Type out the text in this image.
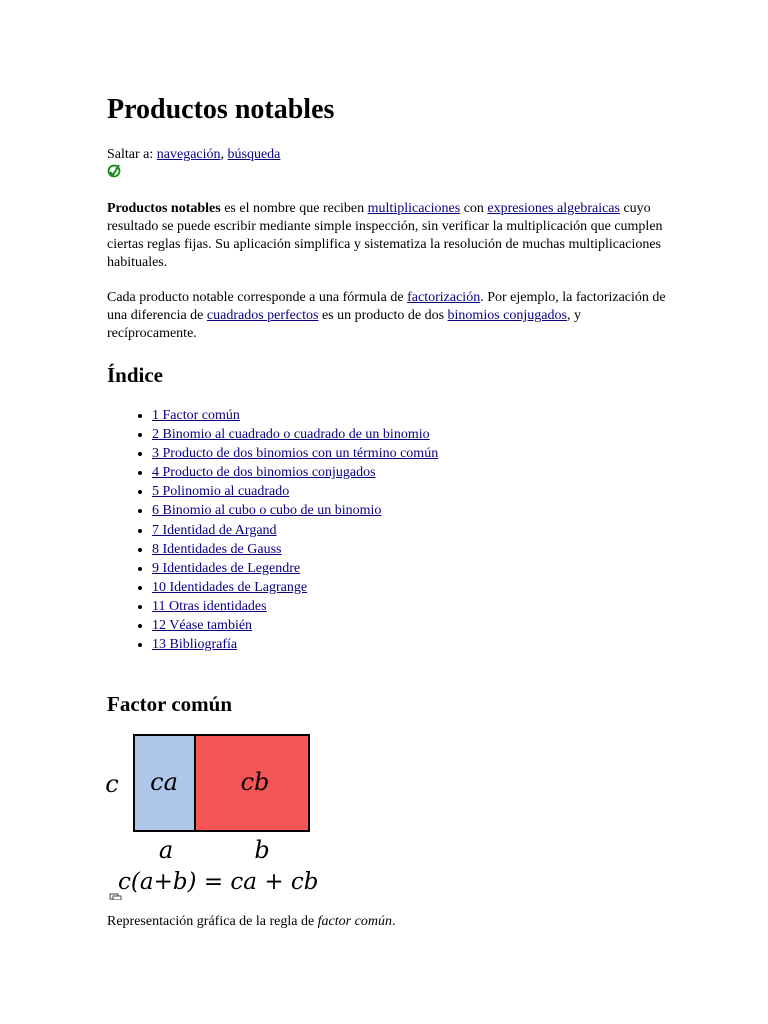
Productos notables
Saltar a: navegación, búsqueda

Productos notables es el nombre que reciben multiplicaciones con expresiones algebraicas cuyo resultado se puede escribir mediante simple inspección, sin verificar la multiplicación que cumplen ciertas reglas fijas. Su aplicación simplifica y sistematiza la resolución de muchas multiplicaciones habituales.

Cada producto notable corresponde a una fórmula de factorización. Por ejemplo, la factorización de una diferencia de cuadrados perfectos es un producto de dos binomios conjugados, y recíprocamente.

Índice
• 1 Factor común
• 2 Binomio al cuadrado o cuadrado de un binomio
• 3 Producto de dos binomios con un término común
• 4 Producto de dos binomios conjugados
• 5 Polinomio al cuadrado
• 6 Binomio al cubo o cubo de un binomio
• 7 Identidad de Argand
• 8 Identidades de Gauss
• 9 Identidades de Legendre
• 10 Identidades de Lagrange
• 11 Otras identidades
• 12 Véase también
• 13 Bibliografía
Factor común
c ca	cb
a	b
c(a+b) = ca + cb
Representación gráfica de la regla de factor común.
